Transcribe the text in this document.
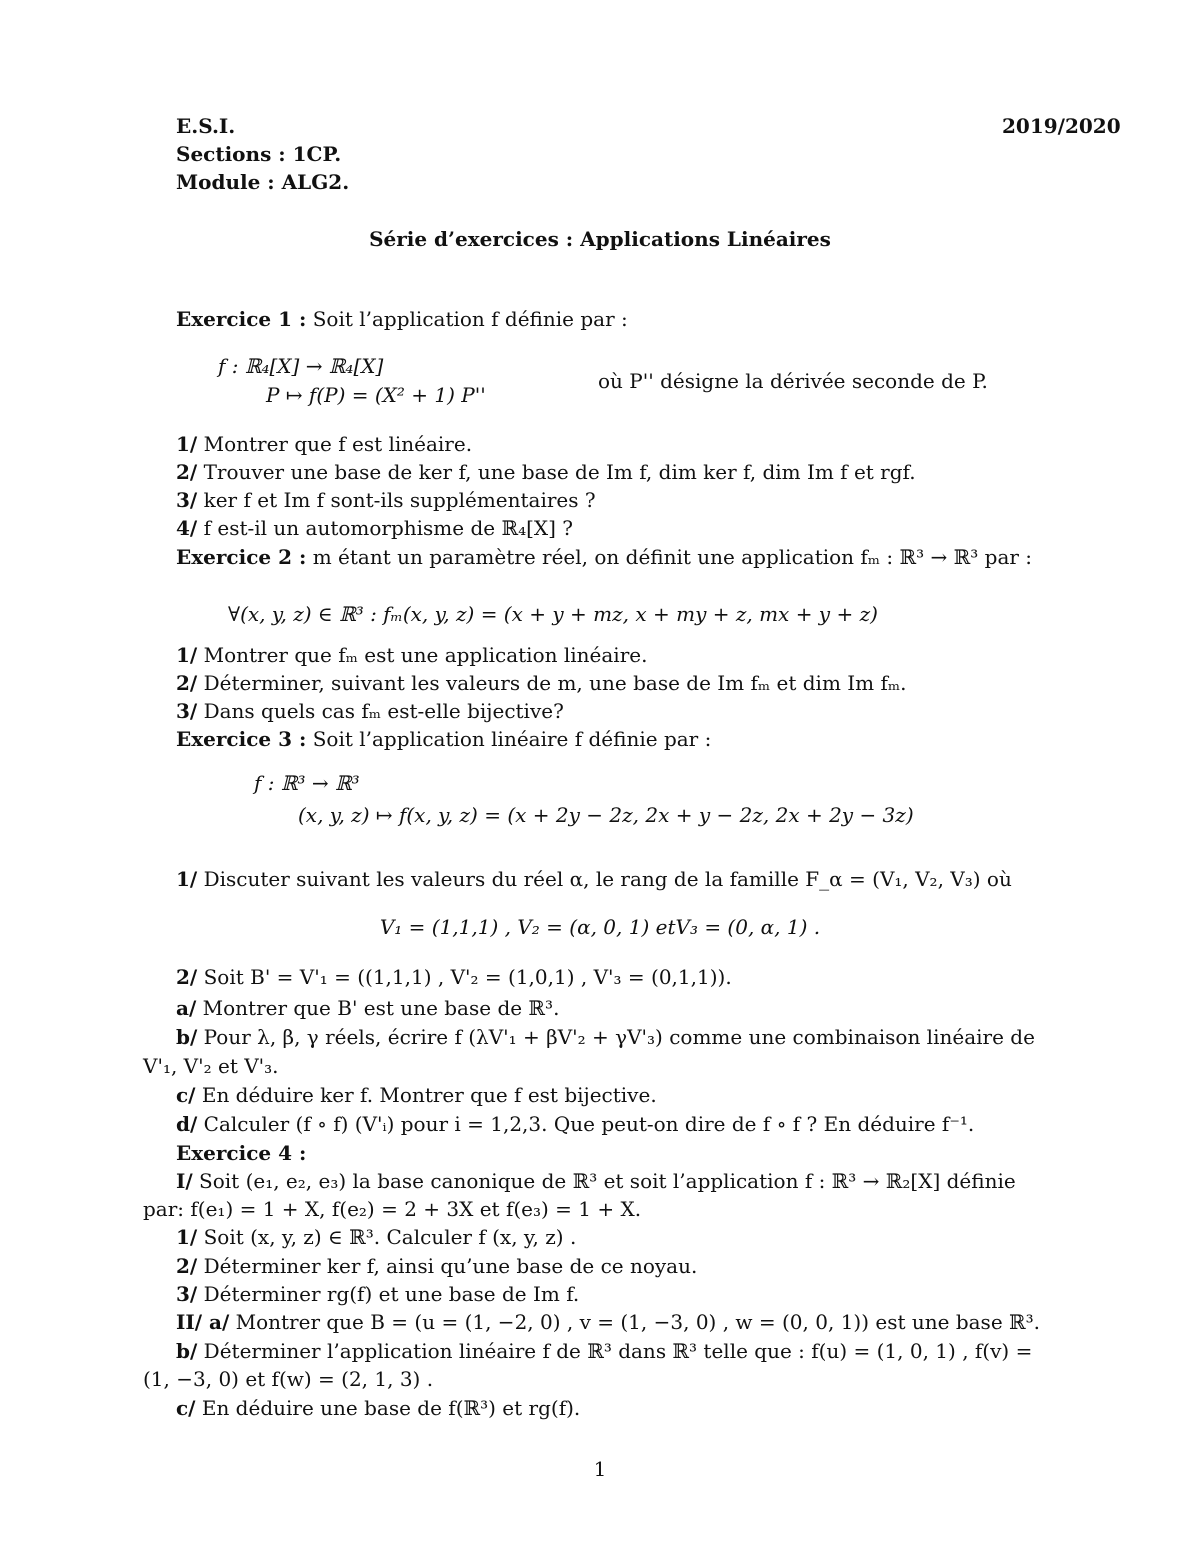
E.S.I.	2019/2020
Sections : 1CP.
Module : ALG2.
Série d’exercices : Applications Linéaires
Exercice 1 : Soit l’application f définie par :
f : ℝ₄[X] → ℝ₄[X]
P ↦ f(P) = (X² + 1) P''
où P'' désigne la dérivée seconde de P.
1/ Montrer que f est linéaire.
2/ Trouver une base de ker f, une base de Im f, dim ker f, dim Im f et rgf.
3/ ker f et Im f sont-ils supplémentaires ?
4/ f est-il un automorphisme de ℝ₄[X] ?
Exercice 2 : m étant un paramètre réel, on définit une application fₘ : ℝ³ → ℝ³ par :
∀(x, y, z) ∈ ℝ³ : fₘ(x, y, z) = (x + y + mz, x + my + z, mx + y + z)
1/ Montrer que fₘ est une application linéaire.
2/ Déterminer, suivant les valeurs de m, une base de Im fₘ et dim Im fₘ.
3/ Dans quels cas fₘ est-elle bijective?
Exercice 3 : Soit l’application linéaire f définie par :
f : ℝ³ → ℝ³
(x, y, z) ↦ f(x, y, z) = (x + 2y − 2z, 2x + y − 2z, 2x + 2y − 3z)
1/ Discuter suivant les valeurs du réel α, le rang de la famille F_α = (V₁, V₂, V₃) où
V₁ = (1,1,1) , V₂ = (α, 0, 1) etV₃ = (0, α, 1) .
2/ Soit B' = V'₁ = ((1,1,1) , V'₂ = (1,0,1) , V'₃ = (0,1,1)).
a/ Montrer que B' est une base de ℝ³.
b/ Pour λ, β, γ réels, écrire f (λV'₁ + βV'₂ + γV'₃) comme une combinaison linéaire de
V'₁, V'₂ et V'₃.
c/ En déduire ker f. Montrer que f est bijective.
d/ Calculer (f ∘ f) (V'ᵢ) pour i = 1,2,3. Que peut-on dire de f ∘ f ? En déduire f⁻¹.
Exercice 4 :
I/ Soit (e₁, e₂, e₃) la base canonique de ℝ³ et soit l’application f : ℝ³ → ℝ₂[X] définie
par: f(e₁) = 1 + X, f(e₂) = 2 + 3X et f(e₃) = 1 + X.
1/ Soit (x, y, z) ∈ ℝ³. Calculer f (x, y, z) .
2/ Déterminer ker f, ainsi qu’une base de ce noyau.
3/ Déterminer rg(f) et une base de Im f.
II/ a/ Montrer que B = (u = (1, −2, 0) , v = (1, −3, 0) , w = (0, 0, 1)) est une base ℝ³.
b/ Déterminer l’application linéaire f de ℝ³ dans ℝ³ telle que : f(u) = (1, 0, 1) , f(v) =
(1, −3, 0) et f(w) = (2, 1, 3) .
c/ En déduire une base de f(ℝ³) et rg(f).
1
